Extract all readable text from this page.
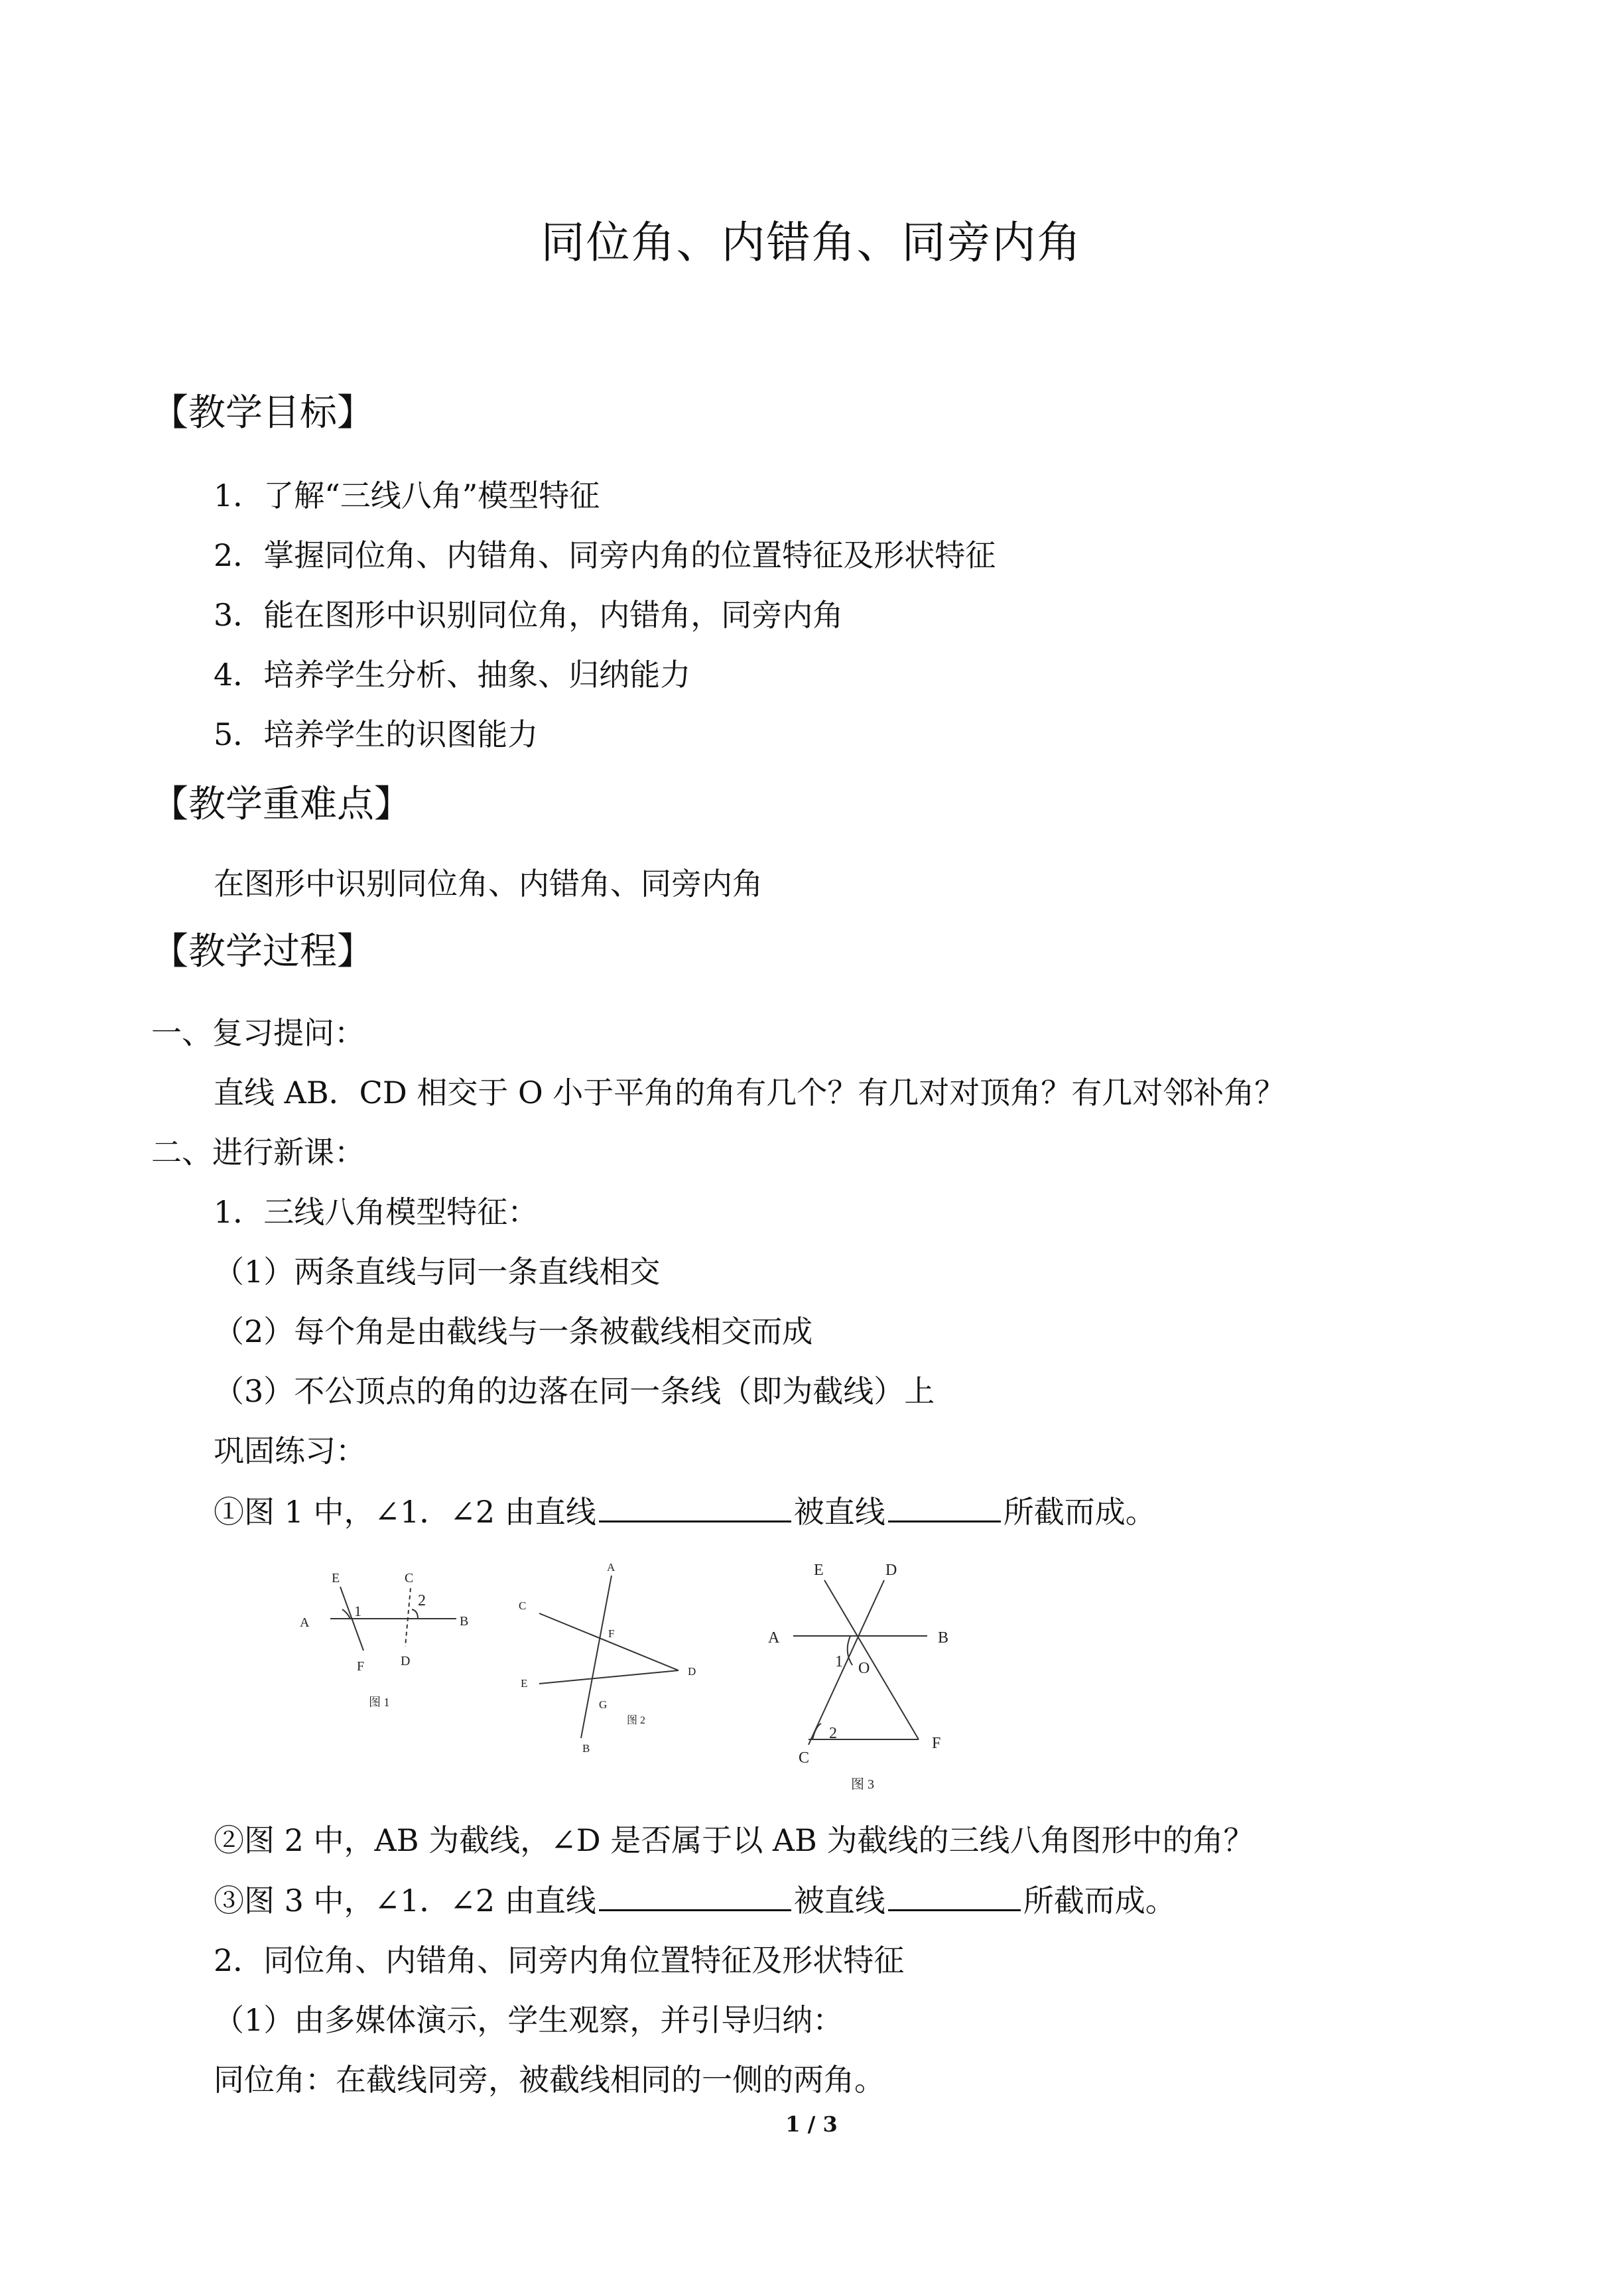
同位角、内错角、同旁内角
【教学目标】
1．了解“三线八角”模型特征
2．掌握同位角、内错角、同旁内角的位置特征及形状特征
3．能在图形中识别同位角，内错角，同旁内角
4．培养学生分析、抽象、归纳能力
5．培养学生的识图能力
【教学重难点】
在图形中识别同位角、内错角、同旁内角
【教学过程】
一、复习提问：
直线 AB．CD 相交于 O 小于平角的角有几个？有几对对顶角？有几对邻补角？
二、进行新课：
1．三线八角模型特征：
（1）两条直线与同一条直线相交
（2）每个角是由截线与一条被截线相交而成
（3）不公顶点的角的边落在同一条线（即为截线）上
巩固练习：
①图 1 中，∠1．∠2 由直线	被直线	所截而成。
E	C
A
1
2
B
F	D
图 1
A
C
F
E
D
G
B
图 2
E	D
A	B
1 O
2
C
F
图 3
②图 2 中，AB 为截线，∠D 是否属于以 AB 为截线的三线八角图形中的角？
③图 3 中，∠1．∠2 由直线	被直线	所截而成。
2．同位角、内错角、同旁内角位置特征及形状特征
（1）由多媒体演示，学生观察，并引导归纳：
同位角：在截线同旁，被截线相同的一侧的两角。
1 / 3
